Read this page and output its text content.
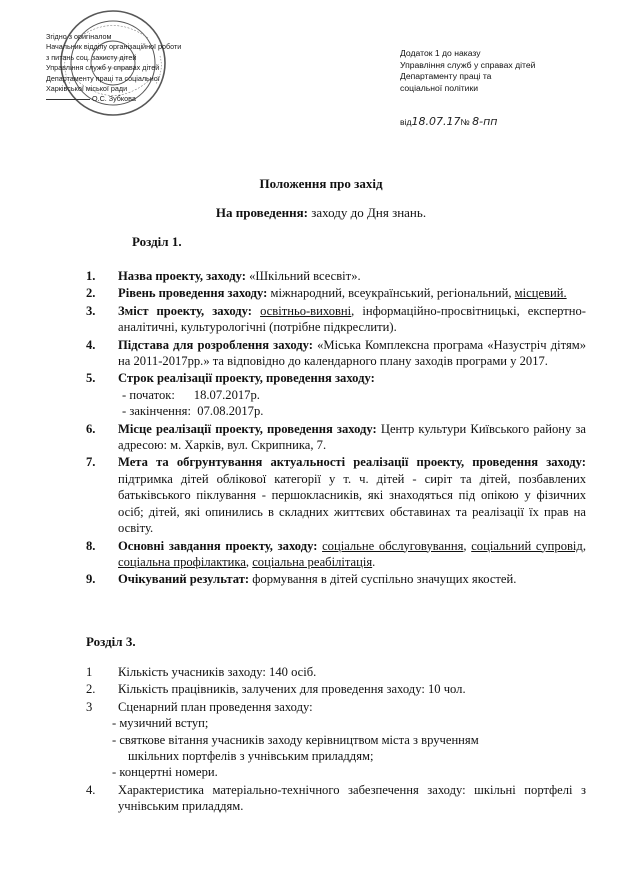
Згідно з оригіналом
Начальник відділу організаційної роботи
з питань соц. захисту дітей
Управління служб у справах дітей
Департаменту праці та соціальної
Харківської міської ради
О.С. Зубкова
Додаток 1 до наказу
Управління служб у справах дітей
Департаменту праці та
соціальної політики
від18.07.17№ 8-пп
Положення про захід
На проведення: заходу до Дня знань.
Розділ 1.
1. Назва проекту, заходу: «Шкільний всесвіт».
2. Рівень проведення заходу: міжнародний, всеукраїнський, регіональний, місцевий.
3. Зміст проекту, заходу: освітньо-виховні, інформаційно-просвітницькі, експертно-аналітичні, культурологічні (потрібне підкреслити).
4. Підстава для розроблення заходу: «Міська Комплексна програма «Назустріч дітям» на 2011-2017рр.» та відповідно до календарного плану заходів програми у 2017.
5. Строк реалізації проекту, проведення заходу:
- початок: 18.07.2017р.
- закінчення: 07.08.2017р.
6. Місце реалізації проекту, проведення заходу: Центр культури Київського району за адресою: м. Харків, вул. Скрипника, 7.
7. Мета та обгрунтування актуальності реалізації проекту, проведення заходу: підтримка дітей облікової категорії у т. ч. дітей - сиріт та дітей, позбавлених батьківського піклування - першокласників, які знаходяться під опікою у фізичних осіб; дітей, які опинились в складних життєвих обставинах та реалізації їх прав на освіту.
8. Основні завдання проекту, заходу: соціальне обслуговування, соціальний супровід, соціальна профілактика, соціальна реабілітація.
9. Очікуваний результат: формування в дітей суспільно значущих якостей.
Розділ 3.
1 Кількість учасників заходу: 140 осіб.
2. Кількість працівників, залучених для проведення заходу: 10 чол.
3 Сценарний план проведення заходу:
- музичний вступ;
- святкове вітання учасників заходу керівництвом міста з врученням
шкільних портфелів з учнівським приладдям;
- концертні номери.
4. Характеристика матеріально-технічного забезпечення заходу: шкільні портфелі з учнівським приладдям.
